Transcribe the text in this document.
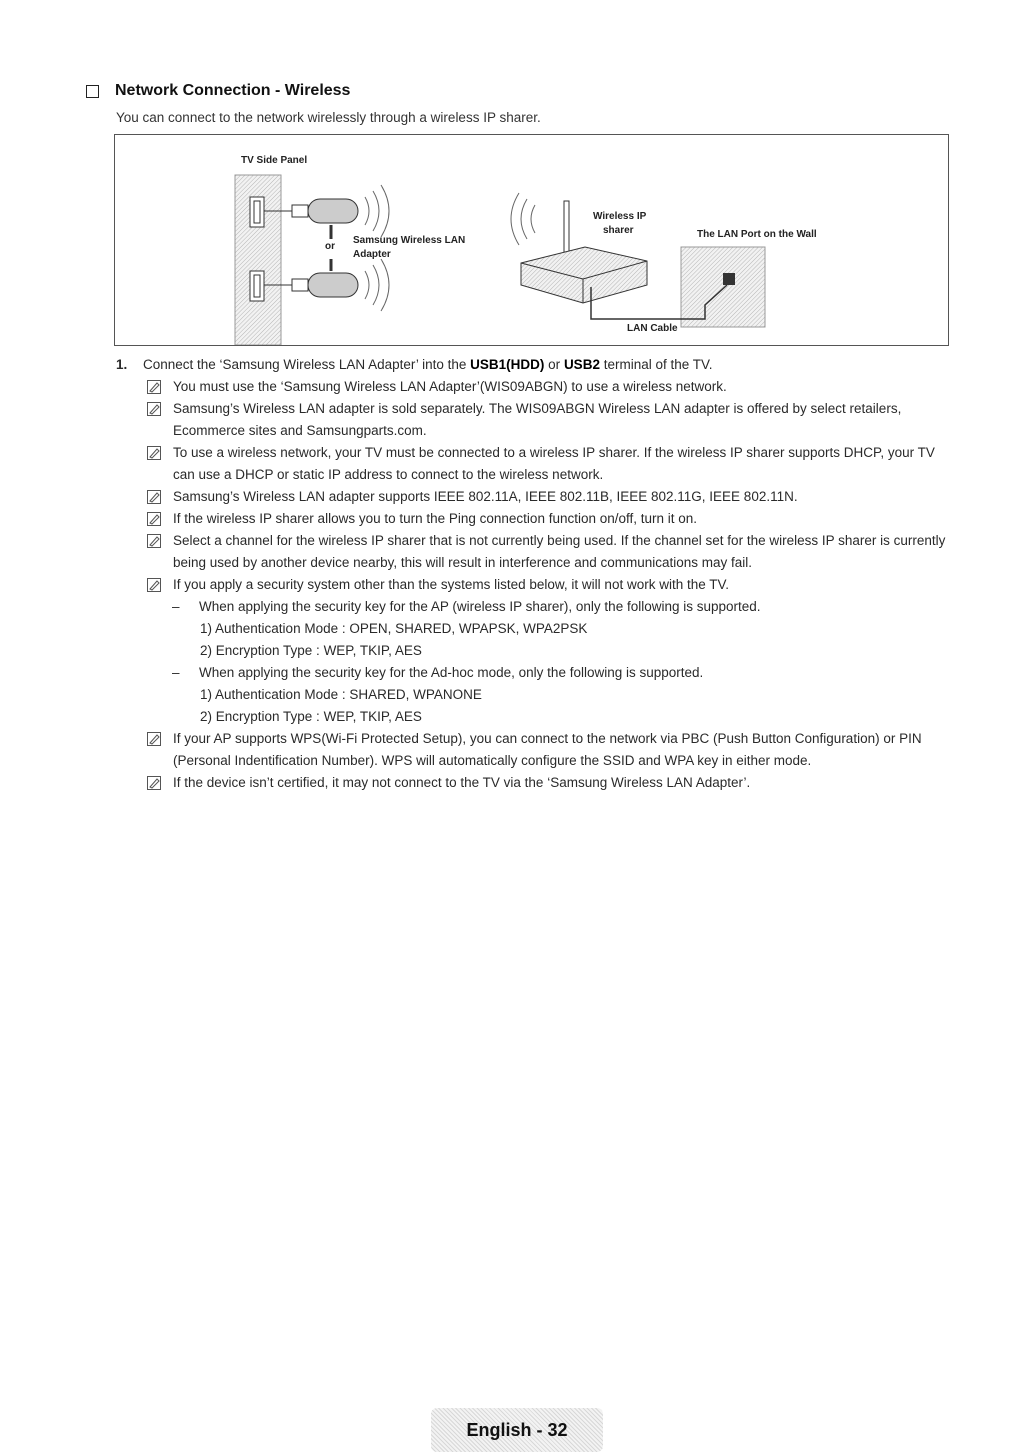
Network Connection - Wireless
You can connect to the network wirelessly through a wireless IP sharer.
TV Side Panel
or
Samsung Wireless LAN
Adapter
Wireless IP
sharer	The LAN Port on the Wall
LAN Cable
1.	Connect the ‘Samsung Wireless LAN Adapter’ into the USB1(HDD) or USB2 terminal of the TV.
You must use the ‘Samsung Wireless LAN Adapter’(WIS09ABGN) to use a wireless network.
Samsung’s Wireless LAN adapter is sold separately. The WIS09ABGN Wireless LAN adapter is offered by select retailers, Ecommerce sites and Samsungparts.com.
To use a wireless network, your TV must be connected to a wireless IP sharer. If the wireless IP sharer supports DHCP, your TV can use a DHCP or static IP address to connect to the wireless network.
Samsung’s Wireless LAN adapter supports IEEE 802.11A, IEEE 802.11B, IEEE 802.11G, IEEE 802.11N.
If the wireless IP sharer allows you to turn the Ping connection function on/off, turn it on.
Select a channel for the wireless IP sharer that is not currently being used. If the channel set for the wireless IP sharer is currently being used by another device nearby, this will result in interference and communications may fail.
If you apply a security system other than the systems listed below, it will not work with the TV.
–	When applying the security key for the AP (wireless IP sharer), only the following is supported.
1) Authentication Mode : OPEN, SHARED, WPAPSK, WPA2PSK
2) Encryption Type : WEP, TKIP, AES
–	When applying the security key for the Ad-hoc mode, only the following is supported.
1) Authentication Mode : SHARED, WPANONE
2) Encryption Type : WEP, TKIP, AES
If your AP supports WPS(Wi-Fi Protected Setup), you can connect to the network via PBC (Push Button Configuration) or PIN (Personal Indentification Number). WPS will automatically configure the SSID and WPA key in either mode.
If the device isn’t certified, it may not connect to the TV via the ‘Samsung Wireless LAN Adapter’.
English - 32
